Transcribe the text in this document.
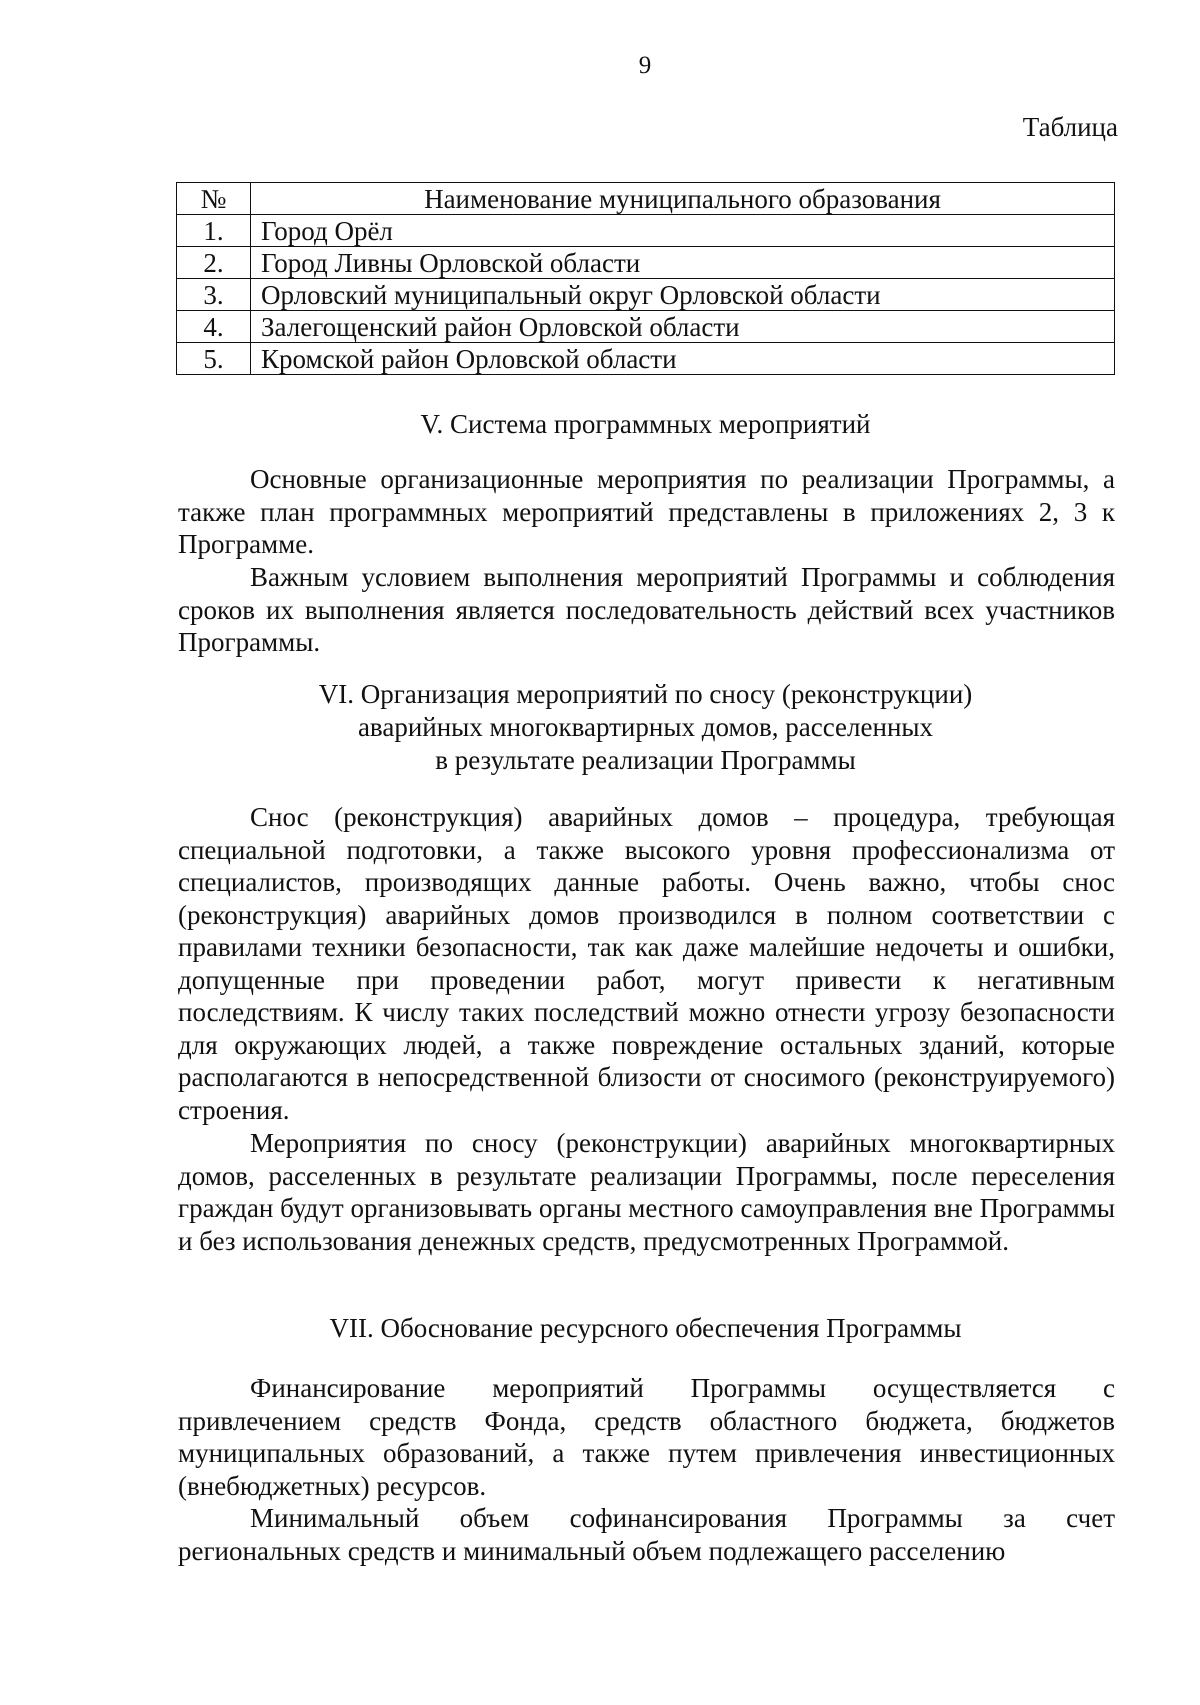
9
Таблица
№	Наименование муниципального образования
1.	Город Орёл
2.	Город Ливны Орловской области
3.	Орловский муниципальный округ Орловской области
4.	Залегощенский район Орловской области
5.	Кромской район Орловской области
V. Система программных мероприятий

Основные организационные мероприятия по реализации Программы, а также план программных мероприятий представлены в приложениях 2, 3 к Программе.

Важным условием выполнения мероприятий Программы и соблюдения сроков их выполнения является последовательность действий всех участников Программы.

VI. Организация мероприятий по сносу (реконструкции)
аварийных многоквартирных домов, расселенных
в результате реализации Программы

Снос (реконструкция) аварийных домов – процедура, требующая специальной подготовки, а также высокого уровня профессионализма от специалистов, производящих данные работы. Очень важно, чтобы снос (реконструкция) аварийных домов производился в полном соответствии с правилами техники безопасности, так как даже малейшие недочеты и ошибки, допущенные при проведении работ, могут привести к негативным последствиям. К числу таких последствий можно отнести угрозу безопасности для окружающих людей, а также повреждение остальных зданий, которые располагаются в непосредственной близости от сносимого (реконструируемого) строения.

Мероприятия по сносу (реконструкции) аварийных многоквартирных домов, расселенных в результате реализации Программы, после переселения граждан будут организовывать органы местного самоуправления вне Программы и без использования денежных средств, предусмотренных Программой.

VII. Обоснование ресурсного обеспечения Программы

Финансирование мероприятий Программы осуществляется с привлечением средств Фонда, средств областного бюджета, бюджетов муниципальных образований, а также путем привлечения инвестиционных (внебюджетных) ресурсов.

Минимальный объем софинансирования Программы за счет региональных средств и минимальный объем подлежащего расселению
